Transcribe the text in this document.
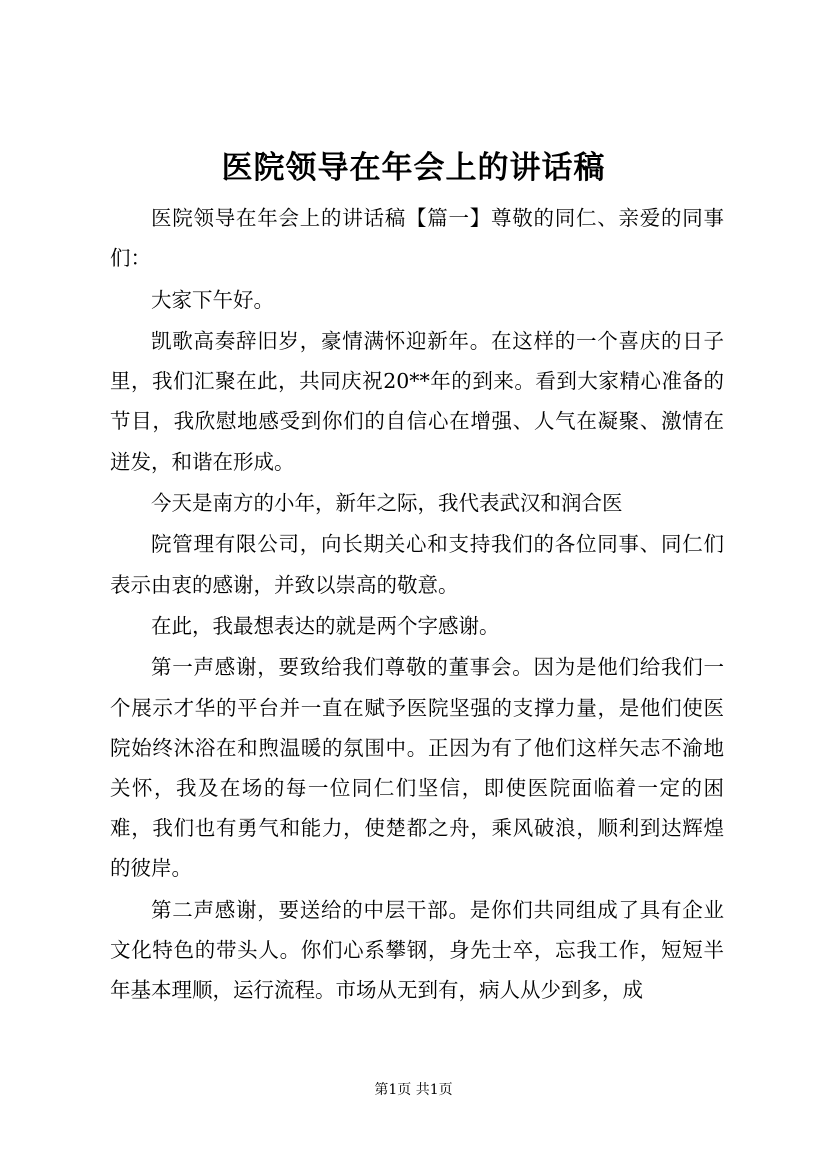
医院领导在年会上的讲话稿

医院领导在年会上的讲话稿【篇一】尊敬的同仁、亲爱的同事们：

大家下午好。

凯歌高奏辞旧岁，豪情满怀迎新年。在这样的一个喜庆的日子里，我们汇聚在此，共同庆祝20**年的到来。看到大家精心准备的节目，我欣慰地感受到你们的自信心在增强、人气在凝聚、激情在迸发，和谐在形成。

今天是南方的小年，新年之际，我代表武汉和润合医

院管理有限公司，向长期关心和支持我们的各位同事、同仁们表示由衷的感谢，并致以崇高的敬意。

在此，我最想表达的就是两个字感谢。

第一声感谢，要致给我们尊敬的董事会。因为是他们给我们一个展示才华的平台并一直在赋予医院坚强的支撑力量，是他们使医院始终沐浴在和煦温暖的氛围中。正因为有了他们这样矢志不渝地关怀，我及在场的每一位同仁们坚信，即使医院面临着一定的困难，我们也有勇气和能力，使楚都之舟，乘风破浪，顺利到达辉煌的彼岸。

第二声感谢，要送给的中层干部。是你们共同组成了具有企业文化特色的带头人。你们心系攀钢，身先士卒，忘我工作，短短半年基本理顺，运行流程。市场从无到有，病人从少到多，成

第1页 共1页
